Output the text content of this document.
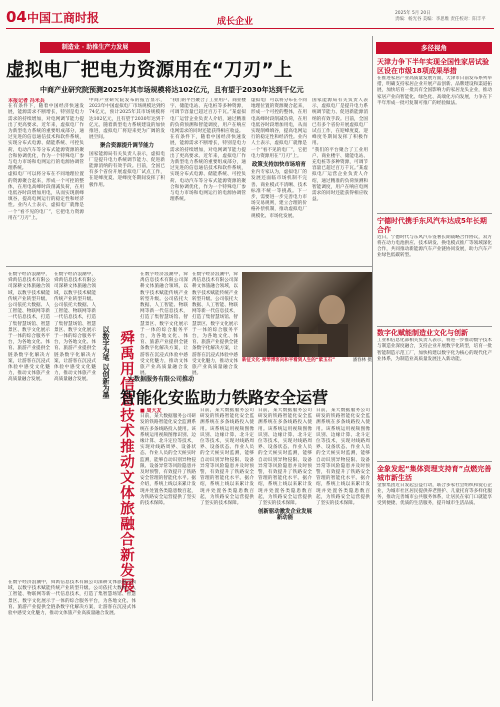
04 中国工商时报	成长企业
2025年 5月 20日
责编：杨光谷 美编：李思维 责任校对：阳丰平
制造业 · 助推生产力发展
虚拟电厂把电力资源用在“刀刃”上
中商产业研究院预测2025年其市场规模将达102亿元，且有望于2030年达到千亿元
本报记者 冯米兵
在有条件下，随着中国经济快速发展，能源需求不断增长，特别是电力需求的持续增加，对电网调节能力提出了更高要求。近年来，虚拟电厂作为新型电力系统的重要组成部分，通过先进的信息通信技术和软件系统，实现分布式电源、储能系统、可控负荷、电动汽车等分布式能源资源的聚合和协调优化，作为一个特殊电厂参与电力市场和电网运行的电源协调管理系统。
虚拟电厂可以将分布在不同地理位置的资源聚合起来，形成一个可控的整体，在用电高峰时段削减负荷，在用电低谷时段增加用电，从而实现削峰填谷，提高电网运行的稳定性和经济性。业内人士表示，虚拟电厂就像是一个“看不见的电厂”，它把电力资源用在“刀刃”上。
中商产业研究院发布的报告显示，2023年中国虚拟电厂市场规模达到约74亿元，预计2025年其市场规模将达102亿元，且有望于2030年达到千亿元。随着新型电力系统建设的加快推进，虚拟电厂将迎来更为广阔的发展空间。
聚合资源提升调节能力
国家能源局有关负责人表示，虚拟电厂是提升电力系统调节能力、促进新能源消纳的有效手段。目前，全国已有多个省份开展虚拟电厂试点工作，在迎峰度夏、迎峰度冬期间发挥了积极作用。
“我们的平台聚合了工业用户、商业楼宇、储能电站、充电桩等多种资源，可调节容量已超过百万千瓦。”某虚拟电厂运营企业负责人介绍，通过精准的负荷预测和智能调度，用户在响应电网需求的同时还能获得相应收益。
在有条件下，随着中国经济快速发展，能源需求不断增长，特别是电力需求的持续增加，对电网调节能力提出了更高要求。近年来，虚拟电厂作为新型电力系统的重要组成部分，通过先进的信息通信技术和软件系统，实现分布式电源、储能系统、可控负荷、电动汽车等分布式能源资源的聚合和协调优化，作为一个特殊电厂参与电力市场和电网运行的电源协调管理系统。
虚拟电厂可以将分布在不同地理位置的资源聚合起来，形成一个可控的整体，在用电高峰时段削减负荷，在用电低谷时段增加用电，从而实现削峰填谷，提高电网运行的稳定性和经济性。业内人士表示，虚拟电厂就像是一个“看不见的电厂”，它把电力资源用在“刀刃”上。
政策支持加快市场培育
业内专家认为，虚拟电厂的发展还面临市场机制不完善、商业模式不清晰、技术标准不统一等挑战。下一步，需要进一步完善电力市场交易规则，建立合理的价格补偿机制，推动虚拟电厂规模化、市场化发展。
国家能源局有关负责人表示，虚拟电厂是提升电力系统调节能力、促进新能源消纳的有效手段。目前，全国已有多个省份开展虚拟电厂试点工作，在迎峰度夏、迎峰度冬期间发挥了积极作用。
“我们的平台聚合了工业用户、商业楼宇、储能电站、充电桩等多种资源，可调节容量已超过百万千瓦。”某虚拟电厂运营企业负责人介绍，通过精准的负荷预测和智能调度，用户在响应电网需求的同时还能获得相应收益。
在数字经济浪潮中，舜禹信息技术有限公司深耕文体旅融合领域，以数字技术赋能传统产业转型升级。公司依托大数据、人工智能、物联网等新一代信息技术，打造了集智慧场馆、智慧景区、数字文化展示于一体的综合服务平台，为各地文化、体育、旅游产业提供全链条数字化解决方案，让游客在沉浸式体验中感受文化魅力，推动文体旅产业高质量融合发展。
在数字经济浪潮中，舜禹信息技术有限公司深耕文体旅融合领域，以数字技术赋能传统产业转型升级。公司依托大数据、人工智能、物联网等新一代信息技术，打造了集智慧场馆、智慧景区、数字文化展示于一体的综合服务平台，为各地文化、体育、旅游产业提供全链条数字化解决方案，让游客在沉浸式体验中感受文化魅力，推动文体旅产业高质量融合发展。	以数字为笔 以创新为墨 舜禹用信息技术推动文体旅融合新发展
在数字经济浪潮中，舜禹信息技术有限公司深耕文体旅融合领域，以数字技术赋能传统产业转型升级。公司依托大数据、人工智能、物联网等新一代信息技术，打造了集智慧场馆、智慧景区、数字文化展示于一体的综合服务平台，为各地文化、体育、旅游产业提供全链条数字化解决方案，让游客在沉浸式体验中感受文化魅力，推动文体旅产业高质量融合发展。
在数字经济浪潮中，舜禹信息技术有限公司深耕文体旅融合领域，以数字技术赋能传统产业转型升级。公司依托大数据、人工智能、物联网等新一代信息技术，打造了集智慧场馆、智慧景区、数字文化展示于一体的综合服务平台，为各地文化、体育、旅游产业提供全链条数字化解决方案，让游客在沉浸式体验中感受文化魅力，推动文体旅产业高质量融合发展。
新征文化·弹琴博客向和平看到人生的“紫玉石”	潘春林 摄
大数据服务有限公司推动
智能化安监助力铁路安全运营
■ 周大友
日前，某大数据服务公司研发的铁路智能化安全监测系统在多条线路投入使用。该系统运用视频图像识别、边缘计算、北斗定位等技术，实现对线路周界、设备状态、作业人员的全天候实时监测，能够自动识别异物侵限、设备异常等风险隐患并及时预警，有效提升了铁路安全管理的智能化水平。据介绍，系统上线以来累计发现并处置各类隐患数百起，为铁路安全运营提供了坚实的技术保障。
日前，某大数据服务公司研发的铁路智能化安全监测系统在多条线路投入使用。该系统运用视频图像识别、边缘计算、北斗定位等技术，实现对线路周界、设备状态、作业人员的全天候实时监测，能够自动识别异物侵限、设备异常等风险隐患并及时预警，有效提升了铁路安全管理的智能化水平。据介绍，系统上线以来累计发现并处置各类隐患数百起，为铁路安全运营提供了坚实的技术保障。
日前，某大数据服务公司研发的铁路智能化安全监测系统在多条线路投入使用。该系统运用视频图像识别、边缘计算、北斗定位等技术，实现对线路周界、设备状态、作业人员的全天候实时监测，能够自动识别异物侵限、设备异常等风险隐患并及时预警，有效提升了铁路安全管理的智能化水平。据介绍，系统上线以来累计发现并处置各类隐患数百起，为铁路安全运营提供了坚实的技术保障。
创新驱动激发企业发展新动能
日前，某大数据服务公司研发的铁路智能化安全监测系统在多条线路投入使用。该系统运用视频图像识别、边缘计算、北斗定位等技术，实现对线路周界、设备状态、作业人员的全天候实时监测，能够自动识别异物侵限、设备异常等风险隐患并及时预警，有效提升了铁路安全管理的智能化水平。据介绍，系统上线以来累计发现并处置各类隐患数百起，为铁路安全运营提供了坚实的技术保障。
在数字经济浪潮中，舜禹信息技术有限公司深耕文体旅融合领域，以数字技术赋能传统产业转型升级。公司依托大数据、人工智能、物联网等新一代信息技术，打造了集智慧场馆、智慧景区、数字文化展示于一体的综合服务平台，为各地文化、体育、旅游产业提供全链条数字化解决方案，让游客在沉浸式体验中感受文化魅力，推动文体旅产业高质量融合发展。
多径视角
天津力争下半年实现全国性家居试验区设在市级18项成果举措
在推进家居产业高质量发展方面，天津市日前发布系列举措，明确支持家居企业开展产品创新、品牌建设和渠道拓展，加快培育一批具有全国影响力的家居龙头企业，推动家居产业向智能化、绿色化、高端化方向发展，力争在下半年形成一批可复制可推广的经验做法。
宁德时代携手东风汽车达成5年长期合作
近日，宁德时代与东风汽车签署长期战略合作协议，双方将在动力电池供应、技术研发、换电模式推广等领域深化合作，共同推动新能源汽车产业链协同发展，助力汽车产业绿色低碳转型。
数字化赋能制造业文化与创新
工业和信息化部相关负责人表示，将进一步推动数字技术与制造业深度融合，支持企业开展数字化转型，培育一批智能制造示范工厂，加快构建以数字化为核心的现代化产业体系，为制造业高质量发展注入新动能。
金象发起“集体资理支持育”点燃完善城市新生活
金象集团近日发起公益行动，联合多家社会组织和爱心企业，为城市社区居民提供养老照护、儿童托育等多样化服务，推动完善城市公共服务体系，让居民在家门口就能享受到便捷、优质的生活服务，提升城市生活品质。
